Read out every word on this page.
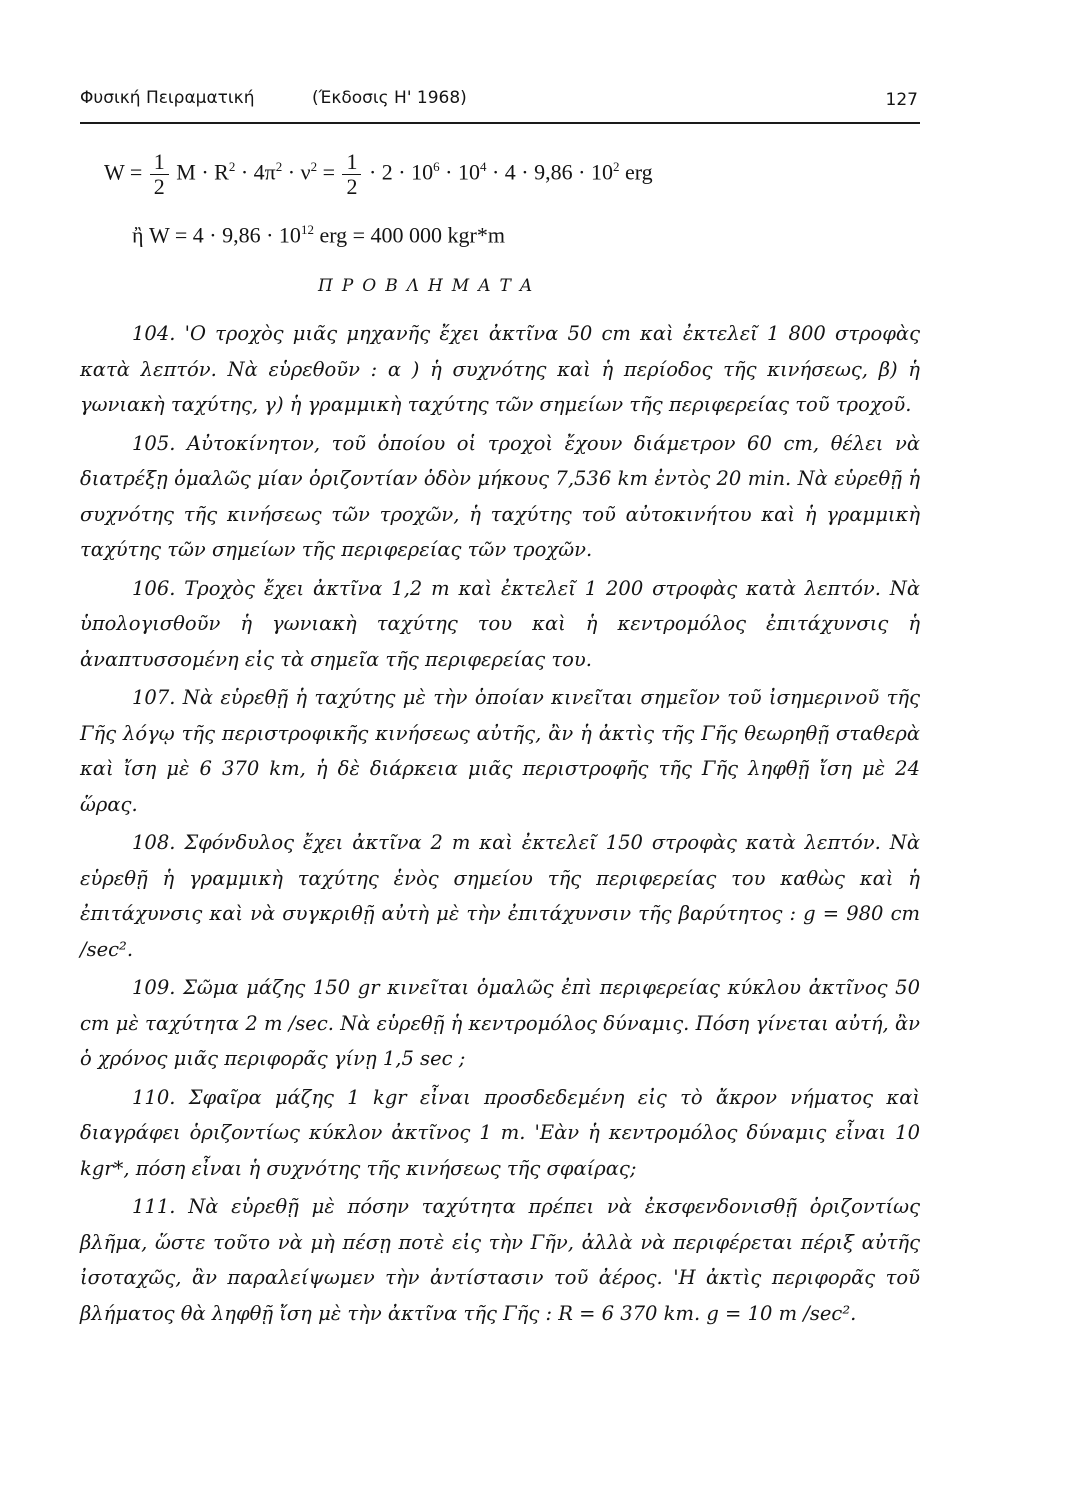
Φυσική Πειραματική	(Έκδοσις Η' 1968)	127
$W = \frac{1}{2}$ $M \cdot R^2 \cdot 4\pi^2 \cdot \nu^2 = \frac{1}{2} \cdot 2 \cdot 10^6 \cdot 10^4 \cdot 4 \cdot 9,86 \cdot 10^2$ erg
ἢ $W = 4 \cdot 9,86 \cdot 10^{12}$ erg = 400 000 kgr*m
ΠΡΟΒΛΗΜΑΤΑ

104. 'Ο τροχὸς μιᾶς μηχανῆς ἔχει ἀκτῖνα 50 cm καὶ ἐκτελεῖ 1 800 στροφὰς κατὰ λεπτόν. Νὰ εὑρεθοῦν : α ) ἡ συχνότης καὶ ἡ περίοδος τῆς κινήσεως, β) ἡ γωνιακὴ ταχύτης, γ) ἡ γραμμικὴ ταχύτης τῶν σημείων τῆς περιφερείας τοῦ τροχοῦ.

105. Αὐτοκίνητον, τοῦ ὁποίου οἱ τροχοὶ ἔχουν διάμετρον 60 cm, θέλει νὰ διατρέξῃ ὁμαλῶς μίαν ὁριζοντίαν ὁδὸν μήκους 7,536 km ἐντὸς 20 min. Νὰ εὑρεθῇ ἡ συχνότης τῆς κινήσεως τῶν τροχῶν, ἡ ταχύτης τοῦ αὐτοκινήτου καὶ ἡ γραμμικὴ ταχύτης τῶν σημείων τῆς περιφερείας τῶν τροχῶν.

106. Τροχὸς ἔχει ἀκτῖνα 1,2 m καὶ ἐκτελεῖ 1 200 στροφὰς κατὰ λεπτόν. Νὰ ὑπολογισθοῦν ἡ γωνιακὴ ταχύτης του καὶ ἡ κεντρομόλος ἐπιτάχυνσις ἡ ἀναπτυσσομένη εἰς τὰ σημεῖα τῆς περιφερείας του.

107. Νὰ εὑρεθῇ ἡ ταχύτης μὲ τὴν ὁποίαν κινεῖται σημεῖον τοῦ ἰσημερινοῦ τῆς Γῆς λόγῳ τῆς περιστροφικῆς κινήσεως αὐτῆς, ἂν ἡ ἀκτὶς τῆς Γῆς θεωρηθῇ σταθερὰ καὶ ἴση μὲ 6 370 km, ἡ δὲ διάρκεια μιᾶς περιστροφῆς τῆς Γῆς ληφθῇ ἴση μὲ 24 ὥρας.

108. Σφόνδυλος ἔχει ἀκτῖνα 2 m καὶ ἐκτελεῖ 150 στροφὰς κατὰ λεπτόν. Νὰ εὑρεθῇ ἡ γραμμικὴ ταχύτης ἑνὸς σημείου τῆς περιφερείας του καθὼς καὶ ἡ ἐπιτάχυνσις καὶ νὰ συγκριθῇ αὐτὴ μὲ τὴν ἐπιτάχυνσιν τῆς βαρύτητος : g = 980 cm /sec².

109. Σῶμα μάζης 150 gr κινεῖται ὁμαλῶς ἐπὶ περιφερείας κύκλου ἀκτῖνος 50 cm μὲ ταχύτητα 2 m /sec. Νὰ εὑρεθῇ ἡ κεντρομόλος δύναμις. Πόση γίνεται αὐτή, ἂν ὁ χρόνος μιᾶς περιφορᾶς γίνῃ 1,5 sec ;

110. Σφαῖρα μάζης 1 kgr εἶναι προσδεδεμένη εἰς τὸ ἄκρον νήματος καὶ διαγράφει ὁριζοντίως κύκλον ἀκτῖνος 1 m. 'Εὰν ἡ κεντρομόλος δύναμις εἶναι 10 kgr*, πόση εἶναι ἡ συχνότης τῆς κινήσεως τῆς σφαίρας;

111. Νὰ εὑρεθῇ μὲ πόσην ταχύτητα πρέπει νὰ ἐκσφενδονισθῇ ὁριζοντίως βλῆμα, ὥστε τοῦτο νὰ μὴ πέσῃ ποτὲ εἰς τὴν Γῆν, ἀλλὰ νὰ περιφέρεται πέριξ αὐτῆς ἰσοταχῶς, ἂν παραλείψωμεν τὴν ἀντίστασιν τοῦ ἀέρος. 'Η ἀκτὶς περιφορᾶς τοῦ βλήματος θὰ ληφθῇ ἴση μὲ τὴν ἀκτῖνα τῆς Γῆς : R = 6 370 km. g = 10 m /sec².
